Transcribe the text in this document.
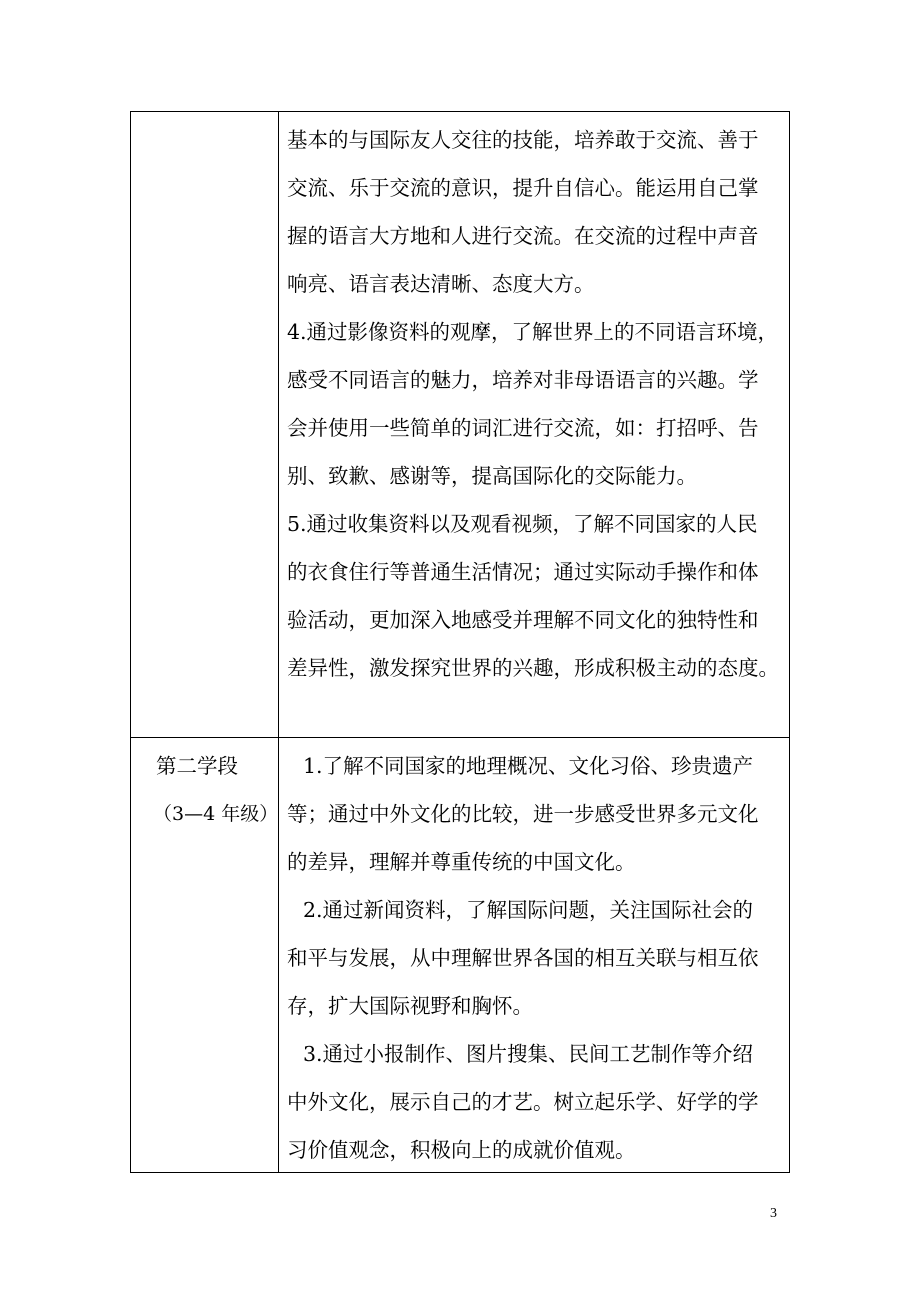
基本的与国际友人交往的技能，培养敢于交流、善于
交流、乐于交流的意识，提升自信心。能运用自己掌
握的语言大方地和人进行交流。在交流的过程中声音
响亮、语言表达清晰、态度大方。
4.通过影像资料的观摩，了解世界上的不同语言环境，
感受不同语言的魅力，培养对非母语语言的兴趣。学
会并使用一些简单的词汇进行交流，如：打招呼、告
别、致歉、感谢等，提高国际化的交际能力。
5.通过收集资料以及观看视频，了解不同国家的人民
的衣食住行等普通生活情况；通过实际动手操作和体
验活动，更加深入地感受并理解不同文化的独特性和
差异性，激发探究世界的兴趣，形成积极主动的态度。
第二学段
（3—4 年级）
1.了解不同国家的地理概况、文化习俗、珍贵遗产
等；通过中外文化的比较，进一步感受世界多元文化
的差异，理解并尊重传统的中国文化。
2.通过新闻资料，了解国际问题，关注国际社会的
和平与发展，从中理解世界各国的相互关联与相互依
存，扩大国际视野和胸怀。
3.通过小报制作、图片搜集、民间工艺制作等介绍
中外文化，展示自己的才艺。树立起乐学、好学的学
习价值观念，积极向上的成就价值观。
3
